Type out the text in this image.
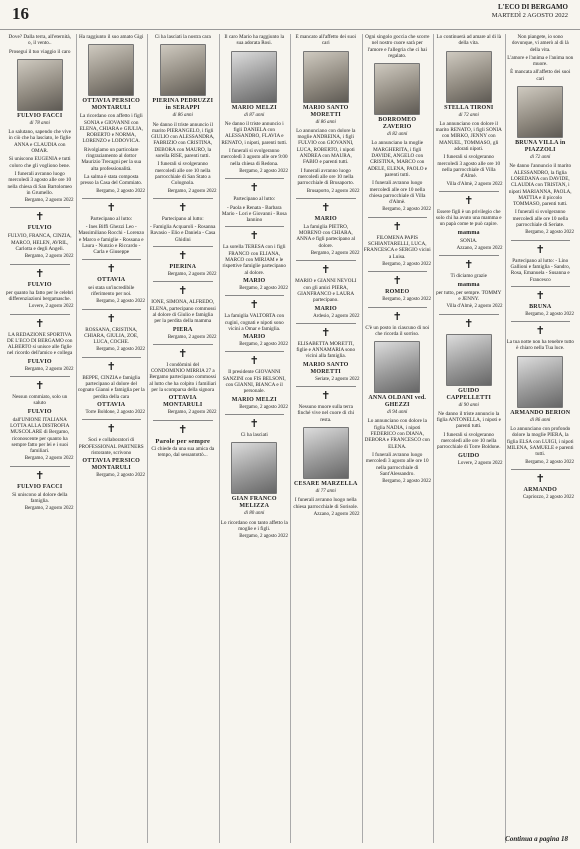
16	L'ECO DI BERGAMO
MARTEDÌ 2 AGOSTO 2022

Dove? Dalla terra, all'eternità, o, il vento..

Proseguí il tuo viaggio il caro

FULVIO FACCI
di 78 anni

Lo salutano, sapendo che vive in ciò che ha lasciato, le figlie ANNA e CLAUDIA con OMAR.

Si uniscono EUGENIA e tutti coloro che gli vogliono bene.

I funerali avranno luogo mercoledì 3 agosto alle ore 10 nella chiesa di San Bartolomeo in Grumello.

Bergamo, 2 agosto 2022
✝
FULVIO

FULVIO, FRANCA, CINZIA, MARCO, HELEN, AVRIL, Carlotta e degli Angeli.

Bergamo, 2 agosto 2022
✝
FULVIO

per quanto ha fatto per le celebri differenziazioni bergamasche.

Lovere, 2 agosto 2022
✝

LA REDAZIONE SPORTIVA DE L'ECO DI BERGAMO con ALBERTO si unisce alle figlie nel ricordo dell'amico e collega

FULVIO
Bergamo, 2 agosto 2022
✝

Nessun commiato, solo un saluto

FULVIO

dall'UNIONE ITALIANA LOTTA ALLA DISTROFIA MUSCOLARE di Bergamo, riconoscente per quanto ha sempre fatto per lei e i suoi familiari.

Bergamo, 2 agosto 2022
✝
FULVIO FACCI

Si uniscono al dolore della famiglia.

Bergamo, 2 agosto 2022

Ha raggiunto il suo amato Gigi

OTTAVIA PERSICO MONTARULI

La ricordano con affetto i figli SONIA e GIOVANNI con ELENA, CHIARA e GIULIA, ROBERTO e NORMA, LORENZO e LODOVICA.

Rivolgiamo un particolare ringraziamento al dottor Maurizio Trecagni per la sua alta professionalità.

La salma è stata composta presso la Casa del Commiato.

Bergamo, 2 agosto 2022
✝

Partecipano al lutto:

- Ines Biffi Ghezzi Leo - Massimiliano Rocchi - Lorenzo e Marco e famiglie - Rossana e Laura - Nunzio e Riccardo - Carla e Giuseppe

✝
OTTAVIA

sei stata un'incredibile riferimento per noi.

Bergamo, 2 agosto 2022
✝

ROSSANA, CRISTINA, CHIARA, GIULIA, ZOE, LUCA, COCHE.

Bergamo, 2 agosto 2022
✝

BEPPE, CINZIA e famiglia partecipano al dolore del cognato Gianni e famiglia per la perdita della cara

OTTAVIA
Torre Boldone, 2 agosto 2022
✝

Soci e collaboratori di PROFESSIONAL PARTNERS ristorante, scrivono

OTTAVIA PERSICO MONTARULI
Bergamo, 2 agosto 2022

Ci ha lasciati la nostra cara

PIERINA PEDRUZZI in SERAPPI
di 86 anni

Ne danno il triste annuncio il marito PIERANGELO, i figli GIULIO con ALESSANDRA, FABRIZIO con CRISTINA, DEBORA con MAURO, la sorella RISE, parenti tutti.

I funerali si svolgeranno mercoledì alle ore 10 nella parrocchiale di San Stato a Colognola.

Bergamo, 2 agosto 2022
✝

Partecipano al lutto:

- Famiglia Acquaroli - Rosanna Ravasio - Elio e Daniela - Casa Ghidini

✝
PIERINA
Bergamo, 2 agosto 2022
✝

IONE, SIMONA, ALFREDO, ELENA, partecipano commossi al dolore di Giulio e famiglia per la perdita della mamma

PIERA
Bergamo, 2 agosto 2022
✝

I condòmini del CONDOMINIO MIRRIA 27 a Bergamo partecipano commossi al lutto che ha colpito i familiari per la scomparsa della signora

OTTAVIA MONTARULI
Bergamo, 2 agosto 2022
✝
Parole per sempre

Ci chiede da una sua amica da tempo, dal sessantottò...

Il caro Mario ha raggiunto la sua adorata Rosi.

MARIO MELZI
di 87 anni

Ne danno il triste annuncio i figli DANIELA con ALESSANDRO, FLAVIA e RENATO, i nipoti, parenti tutti.

I funerali si svolgeranno mercoledì 3 agosto alle ore 9:00 nella chiesa di Redona.

Bergamo, 2 agosto 2022
✝

Partecipano al lutto:

- Paola e Renata - Barbara Mario - Lori e Giovanni - Rosa Iannino

✝

La sorella TERESA con i figli FRANCO con ELIANA, MARCO con MIRJAM e le rispettive famiglie partecipano al dolore.

MARIO
Bergamo, 2 agosto 2022
✝

La famiglia VALTORTA con cugini, cognati e nipoti sono vicini a Omar e famiglia.

MARIO
Bergamo, 2 agosto 2022
✝

Il presidente GIOVANNI SANZINI con FIS BELSONI, con GIANNI, BIANCA e il personale.

MARIO MELZI
Bergamo, 2 agosto 2022
✝

Ci ha lasciati

GIAN FRANCO MELIZZA
di 80 anni

Lo ricordano con tanto affetto la moglie e i figli.

Bergamo, 2 agosto 2022

È mancato all'affetto dei suoi cari

MARIO SANTO MORETTI
di 86 anni

Lo annunciano con dolore la moglie ANDREINA, i figli FULVIO con GIOVANNI, LUCA, ROBERTO, i nipoti ANDREA con MAURA, FABIO e parenti tutti.

I funerali avranno luogo mercoledì alle ore 10 nella parrocchiale di Brusaporto.

Brusaporto, 2 agosto 2022
✝
MARIO

La famiglia PIETRO, MORENO con CHIARA, ANNA e figli partecipano al dolore.

Bergamo, 2 agosto 2022
✝

MARIO e GIANNI NEVOLI con gli amici PIERA, GIANFRANCO e LAURA partecipano.

MARIO
Ardesio, 2 agosto 2022
✝

ELISABETTA MORETTI, figlie e ANNAMARIA sono vicini alla famiglia.

MARIO SANTO MORETTI
Seriate, 2 agosto 2022
✝

Nessuno muore sulla terra finché vive nel cuore di chi resta.

CESARE MARZELLA
di 77 anni

I funerali avranno luogo nella chiesa parrocchiale di Sorisole.

Azzano, 2 agosto 2022

Ogni singolo goccia che scorre nel nostro cuore sarà per l'amore e l'allegria che ci hai regalato.

BORROMEO ZAVERIO
di 82 anni

Lo annunciano la moglie MARGHERITA, i figli DAVIDE, ANGELO con CRISTINA, MARCO con ADELE, ELENA, PAOLO e parenti tutti.

I funerali avranno luogo mercoledì alle ore 10 nella chiesa parrocchiale di Villa d'Almè.

Bergamo, 2 agosto 2022
✝

FILOMENA PAPIS SCHIANTARELLI, LUCA, FRANCESCA e SERGIO vicini a Luisa.

Bergamo, 2 agosto 2022
✝
ROMEO
Bergamo, 2 agosto 2022
✝

C'è un posto in ciascuno di noi che ricorda il sorriso.

ANNA OLDANI ved. GHEZZI
di 94 anni

Lo annunciano con dolore la figlia NADIA, i nipoti FEDERICO con DIANA, DEBORA e FRANCESCO con ELENA.

I funerali avranno luogo mercoledì 3 agosto alle ore 10 nella parrocchiale di Sant'Alessandro.

Bergamo, 2 agosto 2022

Lo continuerà ad amare al di là della vita.

STELLA TIRONI
di 72 anni

Lo annunciano con dolore il marito RENATO, i figli SONIA con MIRKO, JENNY con MANUEL, TOMMASO, gli adorati nipoti.

I funerali si svolgeranno mercoledì 3 agosto alle ore 10 nella parrocchiale di Villa d'Almè.

Villa d'Almè, 2 agosto 2022
✝

Essere figli è un privilegio che solo chi ha avuto una mamma e un papà come te può capire.

mamma

SONIA.

Azzano, 2 agosto 2022
✝

Ti diciamo grazie

mamma

per tutto, per sempre. TOMMY e JENNY.

Villa d'Almè, 2 agosto 2022
✝
GUIDO CAPPELLETTI
di 90 anni

Ne danno il triste annuncio la figlia ANTONELLA, i nipoti e parenti tutti.

I funerali si svolgeranno mercoledì alle ore 10 nella parrocchiale di Torre Boldone.

GUIDO
Lovere, 2 agosto 2022

Non piangete, io sono dovunque, vi amerò al di là della vita.

L'amore e l'anima e l'anima non muore.

È mancata all'affetto dei suoi cari

BRUNA VILLA in PIAZZOLI
di 72 anni

Ne danno l'annuncio il marito ALESSANDRO, la figlia LOREDANA con DAVIDE, CLAUDIA con TRISTAN, i nipoti MARIANNA, PAOLA, MATTIA e il piccolo TOMMASO, parenti tutti.

I funerali si svolgeranno mercoledì alle ore 10 nella parrocchiale di Seriate.

Bergamo, 2 agosto 2022
✝

Partecipano al lutto: - Lino Gallioni e famiglia - Sandro, Rosa, Emanuela - Susanna e Francesco

✝
BRUNA
Bergamo, 2 agosto 2022
✝

La tua notte non ha tenebre tutto è chiaro nella Tua luce.

ARMANDO BERION
di 86 anni

Lo annunciano con profondo dolore la moglie PIERA, la figlia ELSA con LUIGI, i nipoti MILENA, SAMUELE e parenti tutti.

Bergamo, 2 agosto 2022
✝
ARMANDO
Capriozzo, 2 agosto 2022
Continua a pagina 18
